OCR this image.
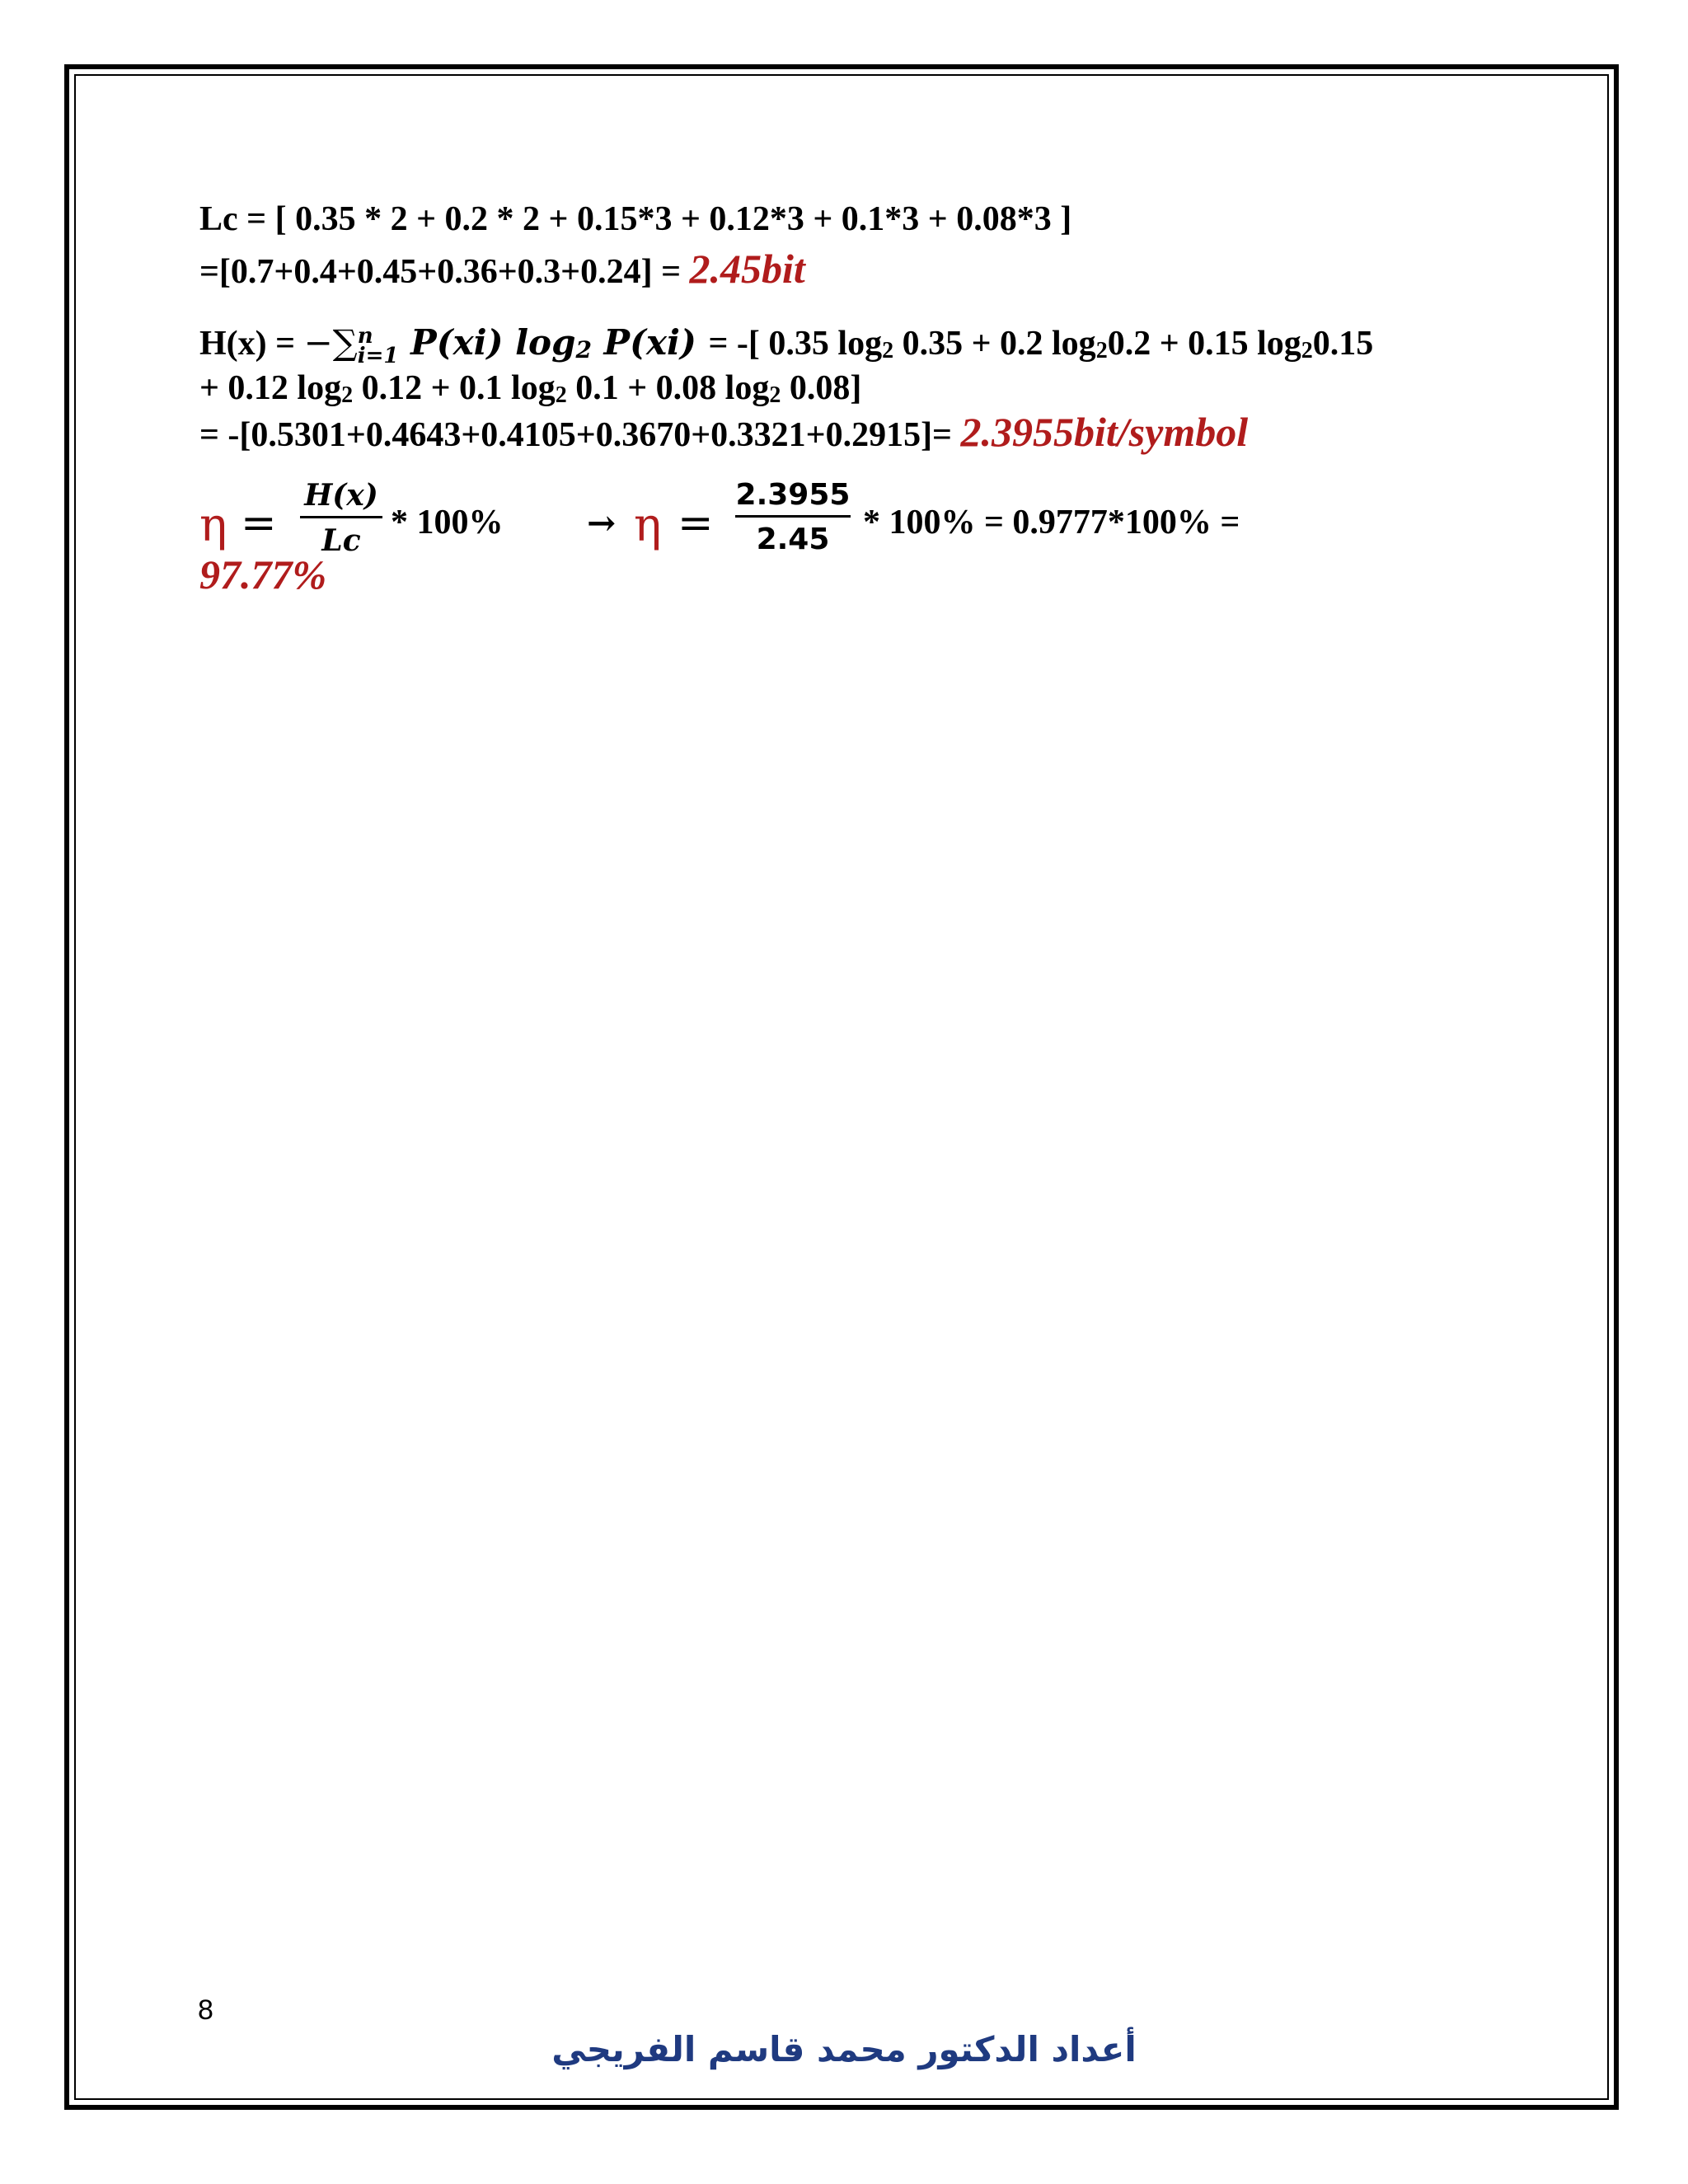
Lc = [ 0.35 * 2 + 0.2 * 2 + 0.15*3 + 0.12*3 + 0.1*3 + 0.08*3 ]
=[0.7+0.4+0.45+0.36+0.3+0.24] = 2.45bit
H(x) = −∑ n
i=1 P(xi) log2 P(xi) = -[ 0.35 log2 0.35 + 0.2 log20.2 + 0.15 log20.15
+ 0.12 log2 0.12 + 0.1 log2 0.1 + 0.08 log2 0.08]
= -[0.5301+0.4643+0.4105+0.3670+0.3321+0.2915]= 2.3955bit/symbol
$\eta = \frac{H(x)}{Lc} * 100\% \to \eta = \frac{2.3955}{2.45} * 100\% = 0.9777*100\%$ =
97.77%
8
أعداد الدكتور محمد قاسم الفريجي
